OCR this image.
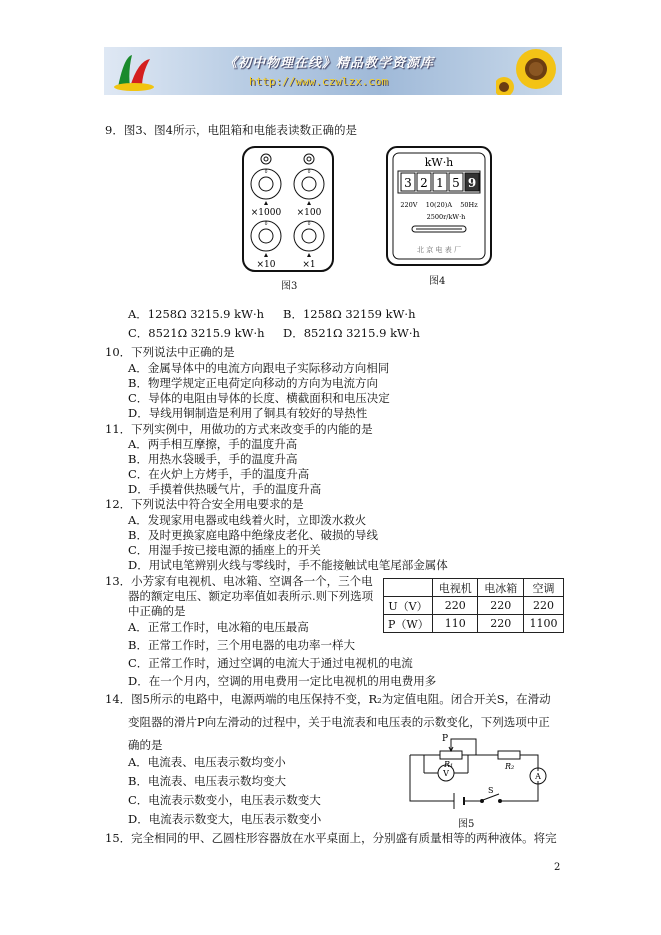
《初中物理在线》精品教学资源库
http://www.czwlzx.com
9．图3、图4所示，电阻箱和电能表读数正确的是
0	0
0	0
×1000 ×100
×10	×1
图3
kW·h
3 2 1 5 9
220V    10(20)A    50Hz
2500r/kW·h
北 京 电 表 厂
图4
A．1258Ω 3215.9 kW·h B．1258Ω 32159 kW·h
C．8521Ω 3215.9 kW·h D．8521Ω 3215.9 kW·h
10．下列说法中正确的是
A．金属导体中的电流方向跟电子实际移动方向相同
B．物理学规定正电荷定向移动的方向为电流方向
C．导体的电阻由导体的长度、横截面积和电压决定
D．导线用铜制造是利用了铜具有较好的导热性
11．下列实例中，用做功的方式来改变手的内能的是
A．两手相互摩擦，手的温度升高
B．用热水袋暖手，手的温度升高
C．在火炉上方烤手，手的温度升高
D．手摸着供热暖气片，手的温度升高
12．下列说法中符合安全用电要求的是
A．发现家用电器或电线着火时，立即泼水救火
B．及时更换家庭电路中绝缘皮老化、破损的导线
C．用湿手按已接电源的插座上的开关
D．用试电笔辨别火线与零线时，手不能接触试电笔尾部金属体
13．小芳家有电视机、电冰箱、空调各一个，三个电
器的额定电压、额定功率值如表所示.则下列选项
中正确的是
	电视机	电冰箱	空调
U（V）	220	220	220
P（W）	110	220	1100
A．正常工作时，电冰箱的电压最高
B．正常工作时，三个用电器的电功率一样大
C．正常工作时，通过空调的电流大于通过电视机的电流
D．在一个月内，空调的用电费用一定比电视机的用电费用多
14．图5所示的电路中，电源两端的电压保持不变，R₂为定值电阻。闭合开关S，在滑动
变阻器的滑片P向左滑动的过程中，关于电流表和电压表的示数变化，下列选项中正
确的是
A．电流表、电压表示数均变小
B．电流表、电压表示数均变大
C．电流表示数变小，电压表示数变大
D．电流表示数变大，电压表示数变小
P
R₁	R₂
V	A
S
图5
15．完全相同的甲、乙圆柱形容器放在水平桌面上，分别盛有质量相等的两种液体。将完
2
